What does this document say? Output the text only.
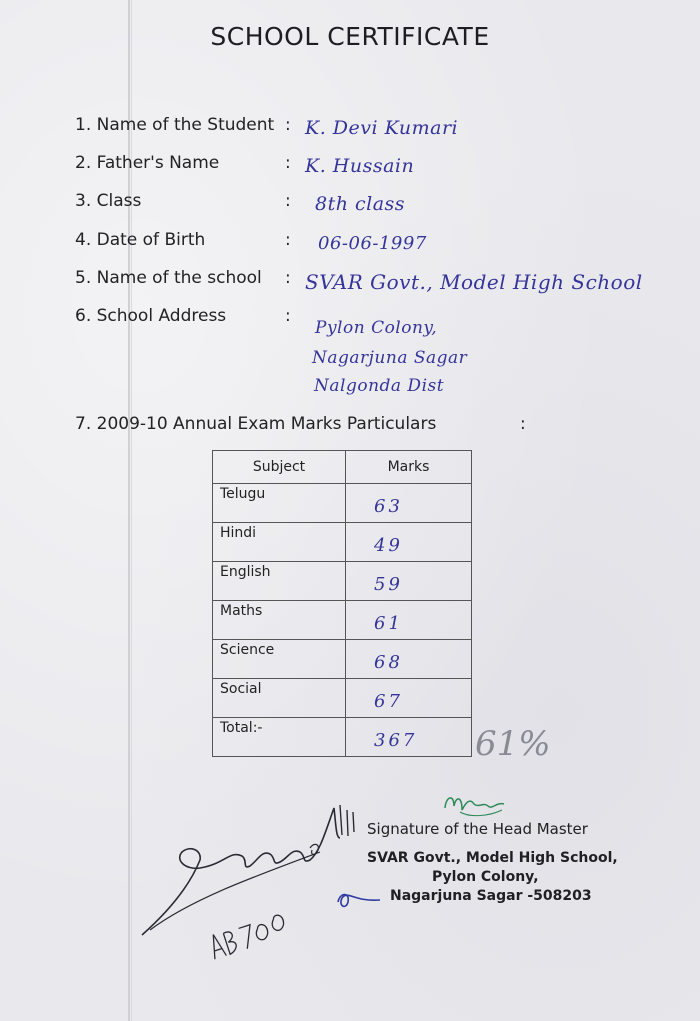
SCHOOL CERTIFICATE
1. Name of the Student : K. Devi Kumari
2. Father's Name	: K. Hussain
3. Class	: 8th class
4. Date of Birth	: 06-06-1997
5. Name of the school : SVAR Govt., Model High School
6. School Address	:
Pylon Colony,
Nagarjuna Sagar
Nalgonda Dist
7. 2009-10 Annual Exam Marks Particulars	:
Subject	Marks
Telugu	63
Hindi	49
English	59
Maths	61
Science	68
Social	67
Total:-	367 61%
Signature of the Head Master
SVAR Govt., Model High School,
Pylon Colony,
Nagarjuna Sagar -508203
